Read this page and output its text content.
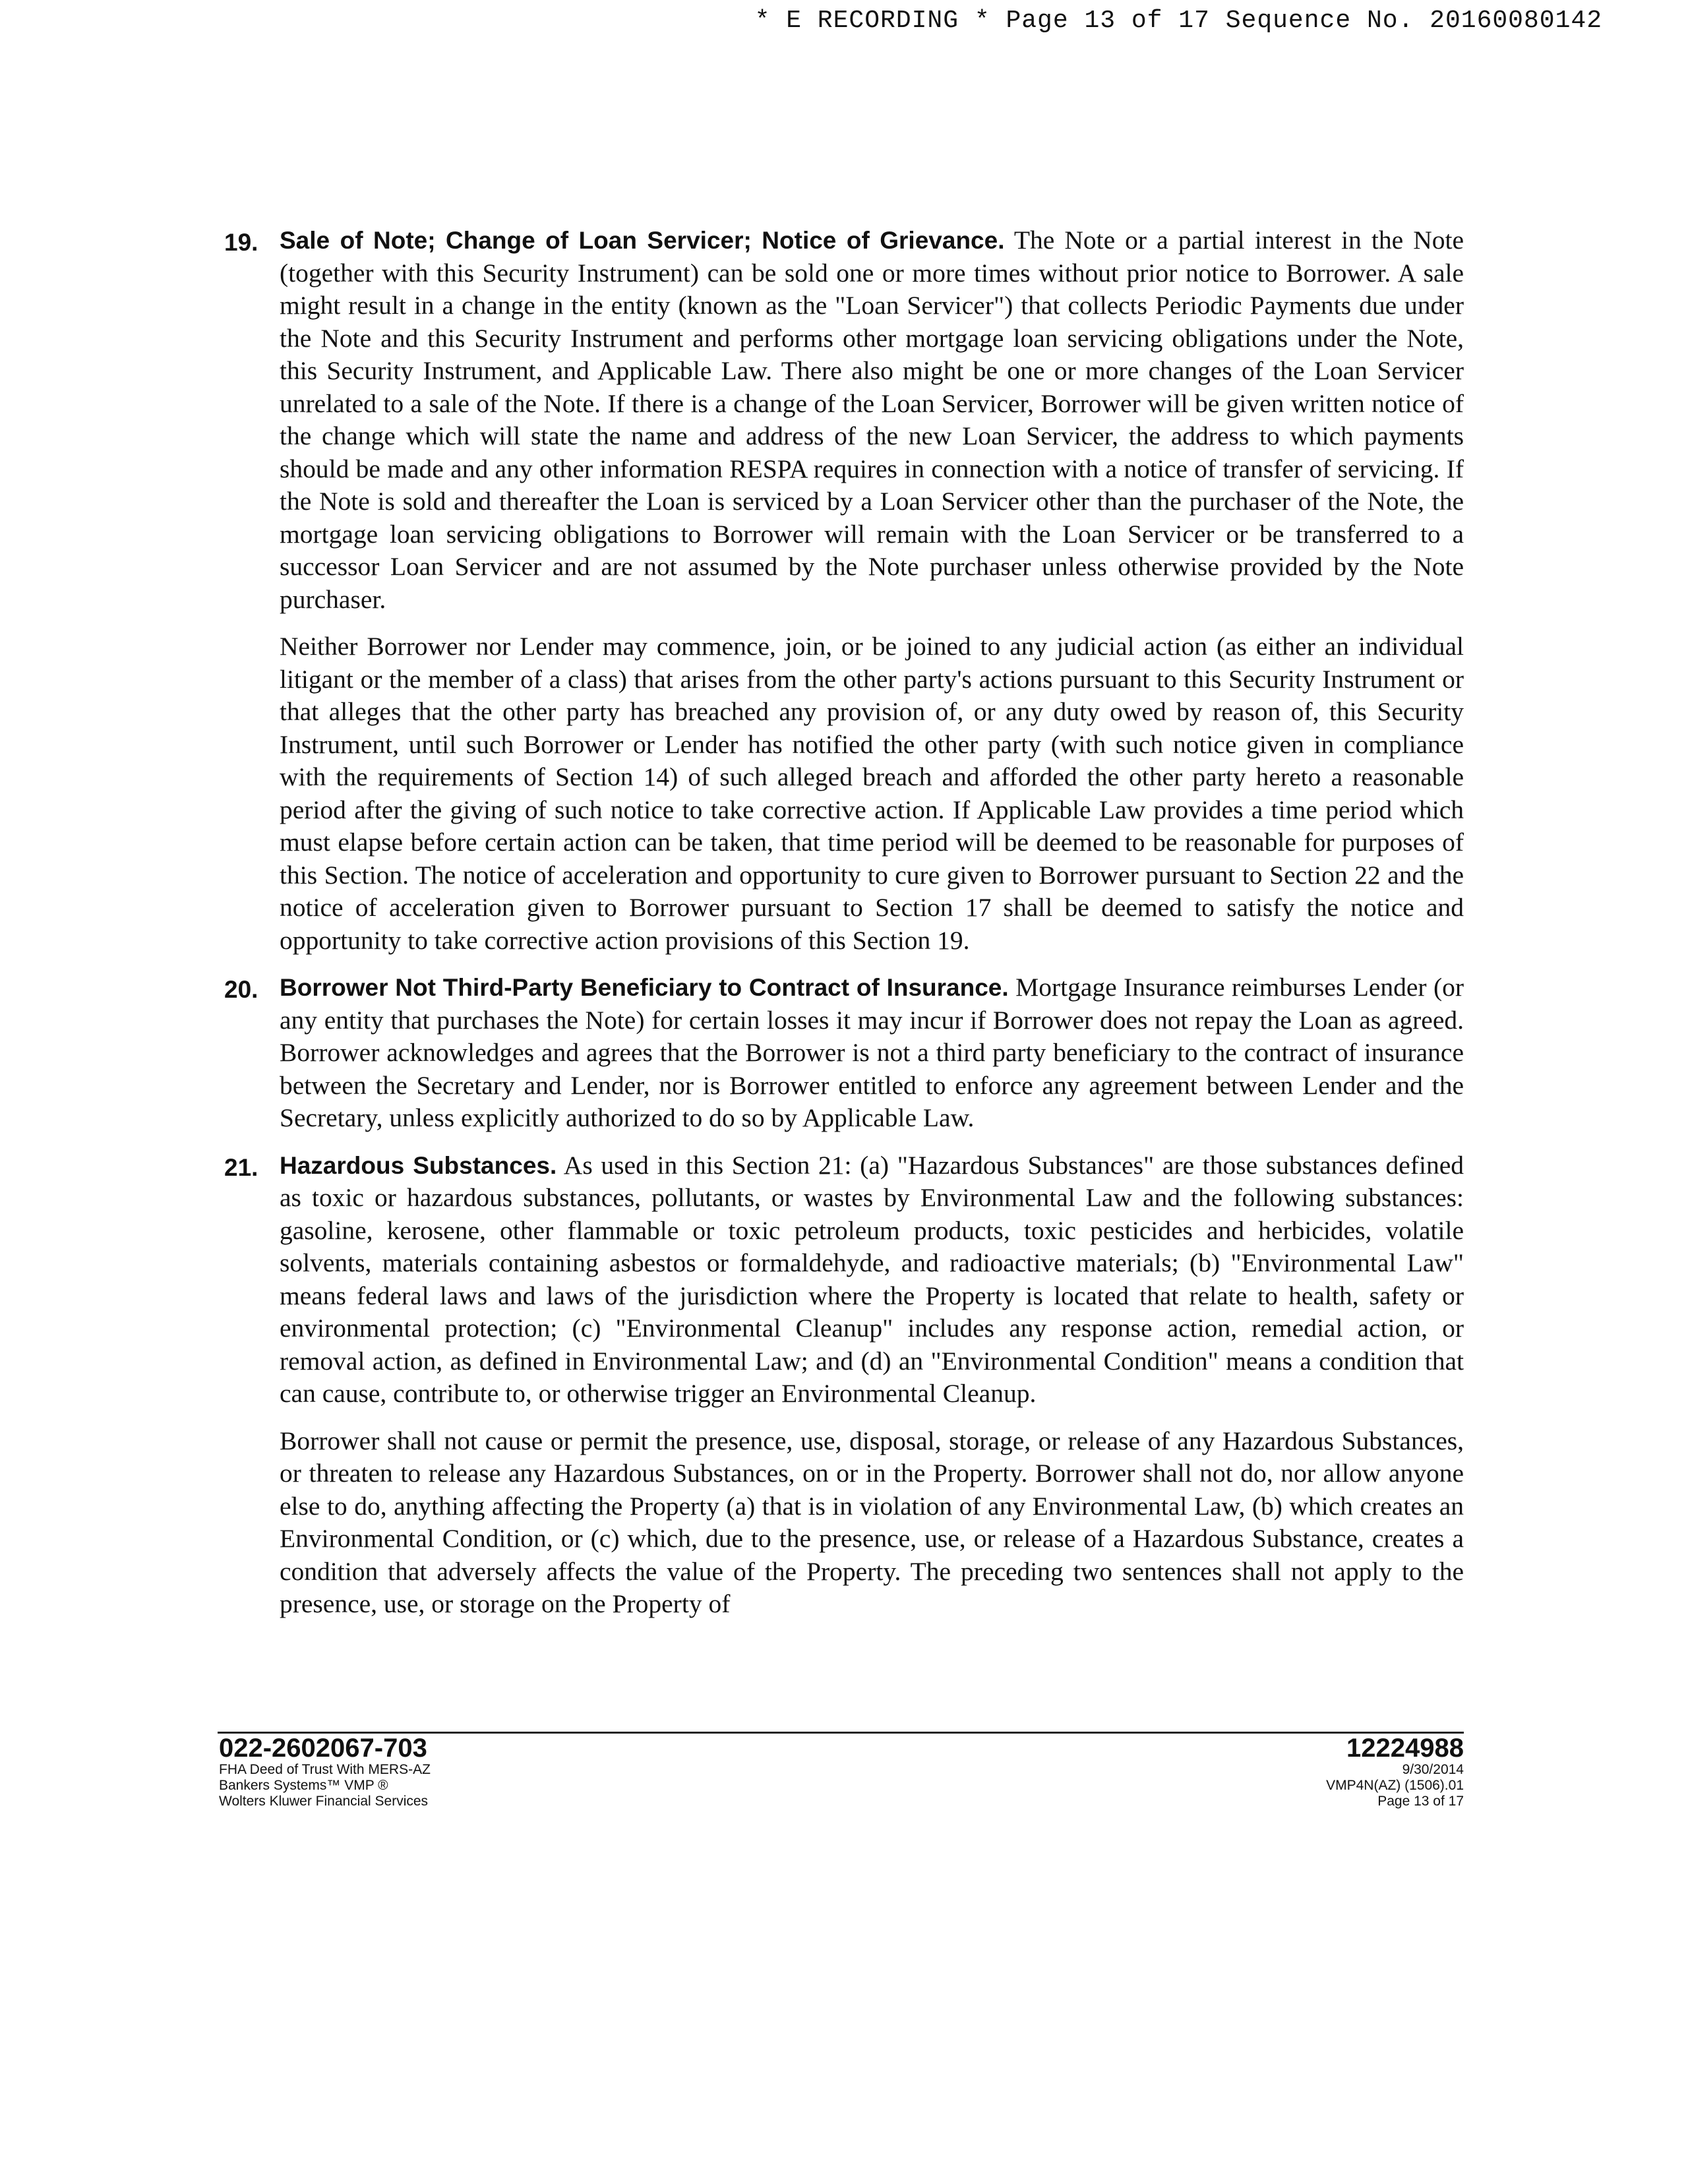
* E RECORDING * Page 13 of 17 Sequence No. 20160080142
19. Sale of Note; Change of Loan Servicer; Notice of Grievance. The Note or a partial interest in the Note (together with this Security Instrument) can be sold one or more times without prior notice to Borrower. A sale might result in a change in the entity (known as the "Loan Servicer") that collects Periodic Payments due under the Note and this Security Instrument and performs other mortgage loan servicing obligations under the Note, this Security Instrument, and Applicable Law. There also might be one or more changes of the Loan Servicer unrelated to a sale of the Note. If there is a change of the Loan Servicer, Borrower will be given written notice of the change which will state the name and address of the new Loan Servicer, the address to which payments should be made and any other information RESPA requires in connection with a notice of transfer of servicing. If the Note is sold and thereafter the Loan is serviced by a Loan Servicer other than the purchaser of the Note, the mortgage loan servicing obligations to Borrower will remain with the Loan Servicer or be transferred to a successor Loan Servicer and are not assumed by the Note purchaser unless otherwise provided by the Note purchaser.

Neither Borrower nor Lender may commence, join, or be joined to any judicial action (as either an individual litigant or the member of a class) that arises from the other party's actions pursuant to this Security Instrument or that alleges that the other party has breached any provision of, or any duty owed by reason of, this Security Instrument, until such Borrower or Lender has notified the other party (with such notice given in compliance with the requirements of Section 14) of such alleged breach and afforded the other party hereto a reasonable period after the giving of such notice to take corrective action. If Applicable Law provides a time period which must elapse before certain action can be taken, that time period will be deemed to be reasonable for purposes of this Section. The notice of acceleration and opportunity to cure given to Borrower pursuant to Section 22 and the notice of acceleration given to Borrower pursuant to Section 17 shall be deemed to satisfy the notice and opportunity to take corrective action provisions of this Section 19.

20. Borrower Not Third-Party Beneficiary to Contract of Insurance. Mortgage Insurance reimburses Lender (or any entity that purchases the Note) for certain losses it may incur if Borrower does not repay the Loan as agreed. Borrower acknowledges and agrees that the Borrower is not a third party beneficiary to the contract of insurance between the Secretary and Lender, nor is Borrower entitled to enforce any agreement between Lender and the Secretary, unless explicitly authorized to do so by Applicable Law.

21. Hazardous Substances. As used in this Section 21: (a) "Hazardous Substances" are those substances defined as toxic or hazardous substances, pollutants, or wastes by Environmental Law and the following substances: gasoline, kerosene, other flammable or toxic petroleum products, toxic pesticides and herbicides, volatile solvents, materials containing asbestos or formaldehyde, and radioactive materials; (b) "Environmental Law" means federal laws and laws of the jurisdiction where the Property is located that relate to health, safety or environmental protection; (c) "Environmental Cleanup" includes any response action, remedial action, or removal action, as defined in Environmental Law; and (d) an "Environmental Condition" means a condition that can cause, contribute to, or otherwise trigger an Environmental Cleanup.

Borrower shall not cause or permit the presence, use, disposal, storage, or release of any Hazardous Substances, or threaten to release any Hazardous Substances, on or in the Property. Borrower shall not do, nor allow anyone else to do, anything affecting the Property (a) that is in violation of any Environmental Law, (b) which creates an Environmental Condition, or (c) which, due to the presence, use, or release of a Hazardous Substance, creates a condition that adversely affects the value of the Property. The preceding two sentences shall not apply to the presence, use, or storage on the Property of

022-2602067-703
FHA Deed of Trust With MERS-AZ
Bankers Systems™ VMP ®
Wolters Kluwer Financial Services
12224988
9/30/2014
VMP4N(AZ) (1506).01
Page 13 of 17
